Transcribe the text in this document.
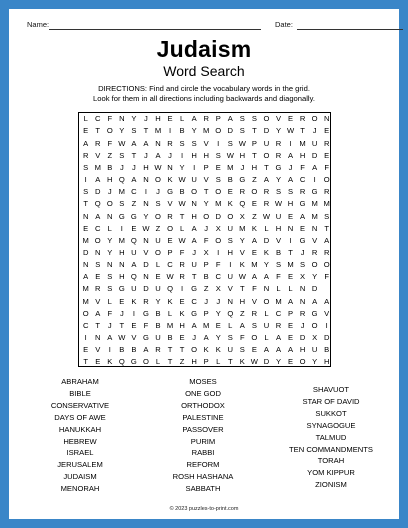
Name:	Date:
Judaism
Word Search
DIRECTIONS: Find and circle the vocabulary words in the grid.
Look for them in all directions including backwards and diagonally.
L C F N Y	J H E L A R P A S S O V E R O N
E T O Y S T M	I	B Y M O D S T D Y W T	J	E
A R F W A A N R S S V	I	S W P U R	I	M U R
R V Z S T	J	A	J	I	H H S W H T O R A H D E
S M B	J	J H W N Y	I	P E M J H T G J	F A F
I	A H Q A N O K W U V S B G Z A Y A C	I	O
S D J M C	I	J G B O T O E R O R S S R G R
T Q O S Z N S V W N Y M K Q E R W H G M M
N A N G G Y O R T H O D O X Z W U E A M S
E C L	I	E W Z O L A	J	X U M K L H N E N T
M O Y M Q N U E W A F O S Y A D V	I	G V A
D N Y H U V O P F	J	X	I	H V E K B T	J R R
N S N N A D L C R U P F	I	K M Y S M S O O
A E S H Q N E W R T B C U W A A F E X Y F
M R S G U D U Q	I	G Z X V T F N L	L N D
M V L E K R Y K E C J	J N H V O M A N A A
O A F	J	I	G B L K G P Y Q Z R L C P R G V
C T	J	T E F B M H A M E L A S U R E	J O	I
I	N A W V G U B E	J	A Y S F O L A E D X D
E V	I	B B A R T T O K K U S E A A A H U B
T E K Q G O L	T Z H P L	T K W D Y E O Y H
ABRAHAM
BIBLE
CONSERVATIVE
DAYS OF AWE
HANUKKAH
HEBREW
ISRAEL
JERUSALEM
JUDAISM
MENORAH
MOSES
ONE GOD
ORTHODOX
PALESTINE
PASSOVER
PURIM
RABBI
REFORM
ROSH HASHANA
SABBATH
SHAVUOT
STAR OF DAVID
SUKKOT
SYNAGOGUE
TALMUD
TEN COMMANDMENTS
TORAH
YOM KIPPUR
ZIONISM
© 2023 puzzles-to-print.com
